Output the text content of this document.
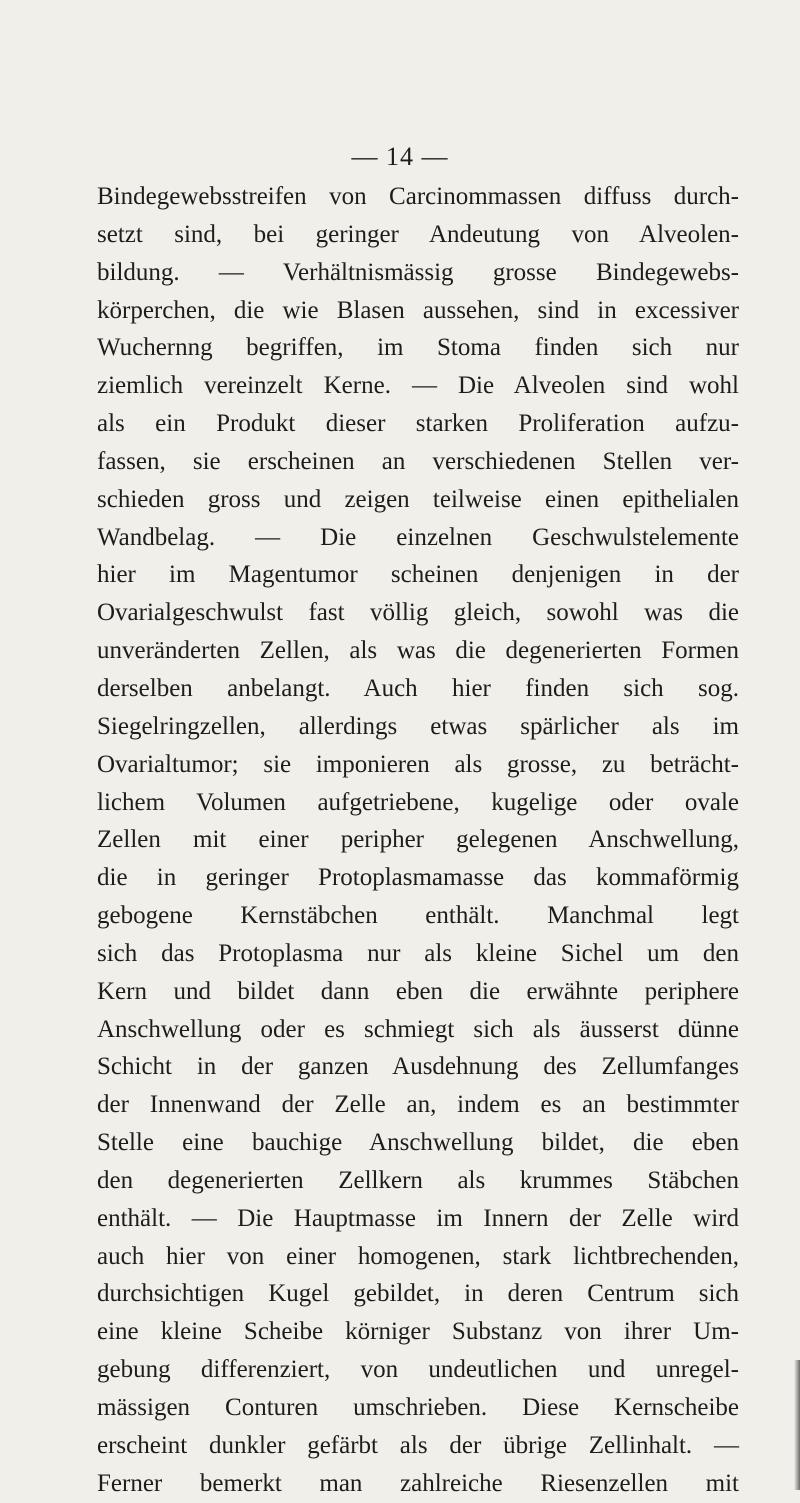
— 14 —
Bindegewebsstreifen von Carcinommassen diffuss durch-
setzt sind, bei geringer Andeutung von Alveolen-
bildung. — Verhältnismässig grosse Bindegewebs-
körperchen, die wie Blasen aussehen, sind in excessiver
Wuchernng begriffen, im Stoma finden sich nur
ziemlich vereinzelt Kerne. — Die Alveolen sind wohl
als ein Produkt dieser starken Proliferation aufzu-
fassen, sie erscheinen an verschiedenen Stellen ver-
schieden gross und zeigen teilweise einen epithelialen
Wandbelag. — Die einzelnen Geschwulstelemente
hier im Magentumor scheinen denjenigen in der
Ovarialgeschwulst fast völlig gleich, sowohl was die
unveränderten Zellen, als was die degenerierten Formen
derselben anbelangt. Auch hier finden sich sog.
Siegelringzellen, allerdings etwas spärlicher als im
Ovarialtumor; sie imponieren als grosse, zu beträcht-
lichem Volumen aufgetriebene, kugelige oder ovale
Zellen mit einer peripher gelegenen Anschwellung,
die in geringer Protoplasmamasse das kommaförmig
gebogene Kernstäbchen enthält. Manchmal legt
sich das Protoplasma nur als kleine Sichel um den
Kern und bildet dann eben die erwähnte periphere
Anschwellung oder es schmiegt sich als äusserst dünne
Schicht in der ganzen Ausdehnung des Zellumfanges
der Innenwand der Zelle an, indem es an bestimmter
Stelle eine bauchige Anschwellung bildet, die eben
den degenerierten Zellkern als krummes Stäbchen
enthält. — Die Hauptmasse im Innern der Zelle wird
auch hier von einer homogenen, stark lichtbrechenden,
durchsichtigen Kugel gebildet, in deren Centrum sich
eine kleine Scheibe körniger Substanz von ihrer Um-
gebung differenziert, von undeutlichen und unregel-
mässigen Conturen umschrieben. Diese Kernscheibe
erscheint dunkler gefärbt als der übrige Zellinhalt. —
Ferner bemerkt man zahlreiche Riesenzellen mit
